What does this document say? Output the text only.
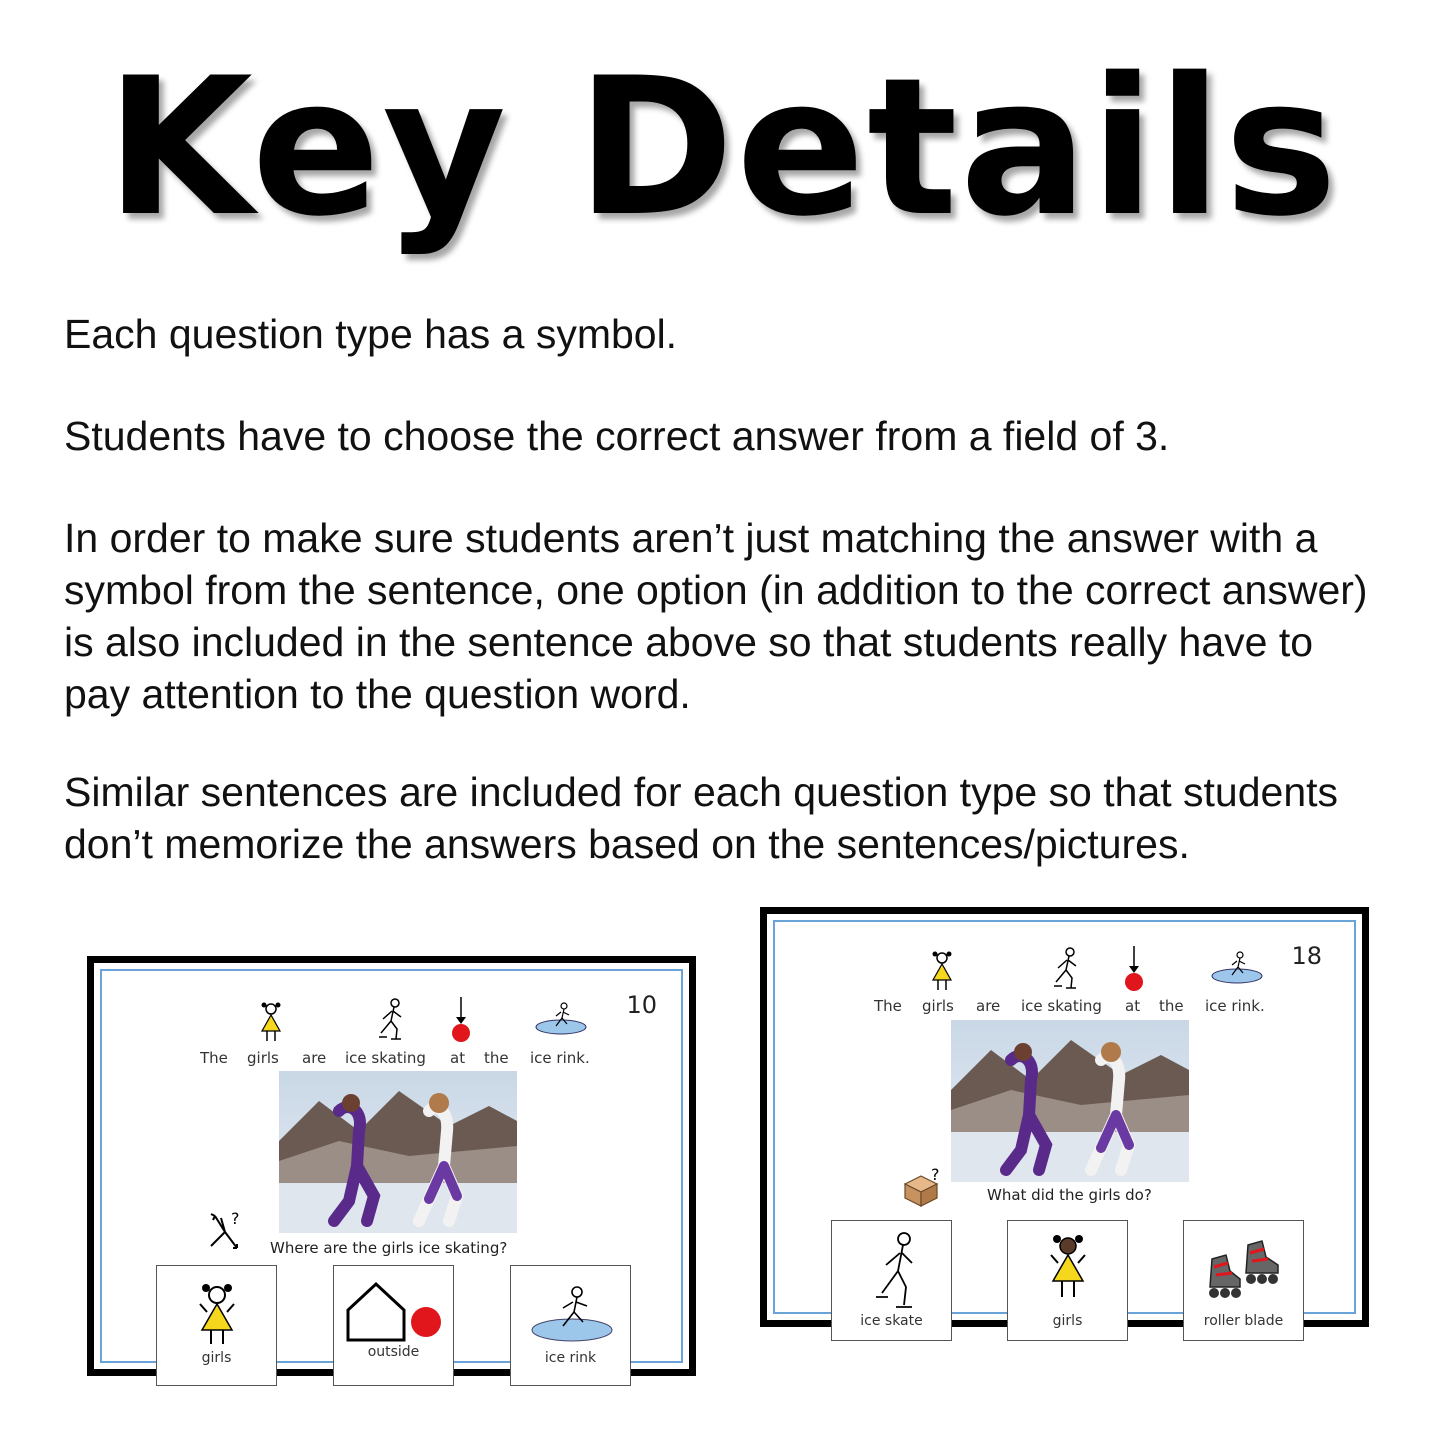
Key Details

Each question type has a symbol.

Students have to choose the correct answer from a field of 3.

In order to make sure students aren’t just matching the answer with a symbol from the sentence, one option (in addition to the correct answer) is also included in the sentence above so that students really have to pay attention to the question word.

Similar sentences are included for each question type so that students don’t memorize the answers based on the sentences/pictures.

10
The girls are ice skating at the ice rink.
?
Where are the girls ice skating?
girls	outside	ice rink
18
The girls are ice skating at the ice rink.
?
What did the girls do?
ice skate	girls	roller blade
